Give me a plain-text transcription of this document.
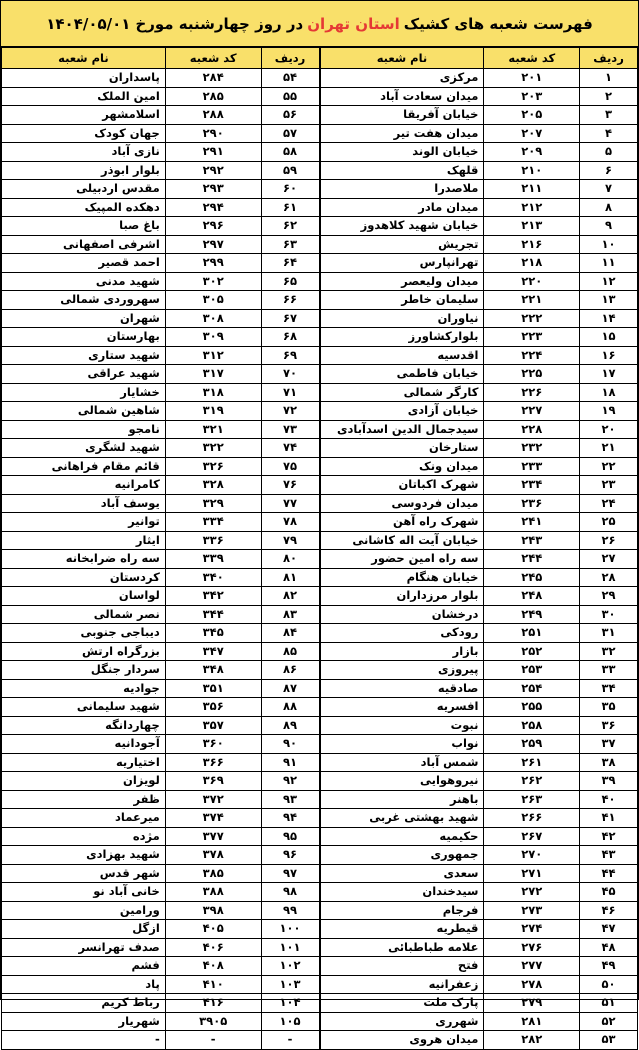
فهرست شعبه های کشیک
استان تهران
در روز چهارشنبه مورخ
۱۴۰۴/۰۵/۰۱
ردیف	کد شعبه	نام شعبه
۱	۲۰۱	مرکزی
۲	۲۰۳	میدان سعادت آباد
۳	۲۰۵	خیابان آفریقا
۴	۲۰۷	میدان هفت تیر
۵	۲۰۹	خیابان الوند
۶	۲۱۰	قلهک
۷	۲۱۱	ملاصدرا
۸	۲۱۲	میدان مادر
۹	۲۱۳	خیابان شهید کلاهدوز
۱۰	۲۱۶	تجریش
۱۱	۲۱۸	تهرانپارس
۱۲	۲۲۰	میدان ولیعصر
۱۳	۲۲۱	سلیمان خاطر
۱۴	۲۲۲	نیاوران
۱۵	۲۲۳	بلوارکشاورز
۱۶	۲۲۴	اقدسیه
۱۷	۲۲۵	خیابان فاطمی
۱۸	۲۲۶	کارگر شمالی
۱۹	۲۲۷	خیابان آزادی
۲۰	۲۲۸	سیدجمال الدین اسدآبادی
۲۱	۲۳۲	ستارخان
۲۲	۲۳۳	میدان ونک
۲۳	۲۳۴	شهرک اکباتان
۲۴	۲۳۶	میدان فردوسی
۲۵	۲۴۱	شهرک راه آهن
۲۶	۲۴۳	خیابان آیت اله کاشانی
۲۷	۲۴۴	سه راه امین حضور
۲۸	۲۴۵	خیابان هنگام
۲۹	۲۴۸	بلوار مرزداران
۳۰	۲۴۹	درخشان
۳۱	۲۵۱	رودکی
۳۲	۲۵۲	بازار
۳۳	۲۵۳	پیروزی
۳۴	۲۵۴	صادقیه
۳۵	۲۵۵	افسریه
۳۶	۲۵۸	نبوت
۳۷	۲۵۹	نواب
۳۸	۲۶۱	شمس آباد
۳۹	۲۶۲	نیروهوایی
۴۰	۲۶۳	باهنر
۴۱	۲۶۶	شهید بهشتی غربی
۴۲	۲۶۷	حکیمیه
۴۳	۲۷۰	جمهوری
۴۴	۲۷۱	سعدی
۴۵	۲۷۲	سیدخندان
۴۶	۲۷۳	فرجام
۴۷	۲۷۴	قیطریه
۴۸	۲۷۶	علامه طباطبائی
۴۹	۲۷۷	فتح
۵۰	۲۷۸	زعفرانیه
۵۱	۲۷۹	پارک ملت
۵۲	۲۸۱	شهرری
۵۳	۲۸۲	میدان هروی
ردیف	کد شعبه	نام شعبه
۵۴	۲۸۴	پاسداران
۵۵	۲۸۵	امین الملک
۵۶	۲۸۸	اسلامشهر
۵۷	۲۹۰	جهان کودک
۵۸	۲۹۱	نازی آباد
۵۹	۲۹۲	بلوار ابوذر
۶۰	۲۹۳	مقدس اردبیلی
۶۱	۲۹۴	دهکده المپیک
۶۲	۲۹۶	باغ صبا
۶۳	۲۹۷	اشرفی اصفهانی
۶۴	۲۹۹	احمد قصیر
۶۵	۳۰۲	شهید مدنی
۶۶	۳۰۵	سهروردی شمالی
۶۷	۳۰۸	شهران
۶۸	۳۰۹	بهارستان
۶۹	۳۱۲	شهید ستاری
۷۰	۳۱۷	شهید عراقی
۷۱	۳۱۸	خشایار
۷۲	۳۱۹	شاهین شمالی
۷۳	۳۲۱	نامجو
۷۴	۳۲۲	شهید لشگری
۷۵	۳۲۶	قائم مقام فراهانی
۷۶	۳۲۸	کامرانیه
۷۷	۳۲۹	یوسف آباد
۷۸	۳۳۴	توانیر
۷۹	۳۳۶	ایثار
۸۰	۳۳۹	سه راه ضرابخانه
۸۱	۳۴۰	کردستان
۸۲	۳۴۲	لواسان
۸۳	۳۴۴	نصر شمالی
۸۴	۳۴۵	دیباجی جنوبی
۸۵	۳۴۷	بزرگراه ارتش
۸۶	۳۴۸	سردار جنگل
۸۷	۳۵۱	جوادیه
۸۸	۳۵۶	شهید سلیمانی
۸۹	۳۵۷	چهاردانگه
۹۰	۳۶۰	آجودانیه
۹۱	۳۶۶	اختیاریه
۹۲	۳۶۹	لویزان
۹۳	۳۷۲	ظفر
۹۴	۳۷۴	میرعماد
۹۵	۳۷۷	مژده
۹۶	۳۷۸	شهید بهزادی
۹۷	۳۸۵	شهر قدس
۹۸	۳۸۸	خانی آباد نو
۹۹	۳۹۸	ورامین
۱۰۰	۴۰۵	ازگل
۱۰۱	۴۰۶	صدف تهرانسر
۱۰۲	۴۰۸	فشم
۱۰۳	۴۱۰	پاد
۱۰۴	۴۱۶	رباط کریم
۱۰۵	۳۹۰۵	شهریار
-	-	-
